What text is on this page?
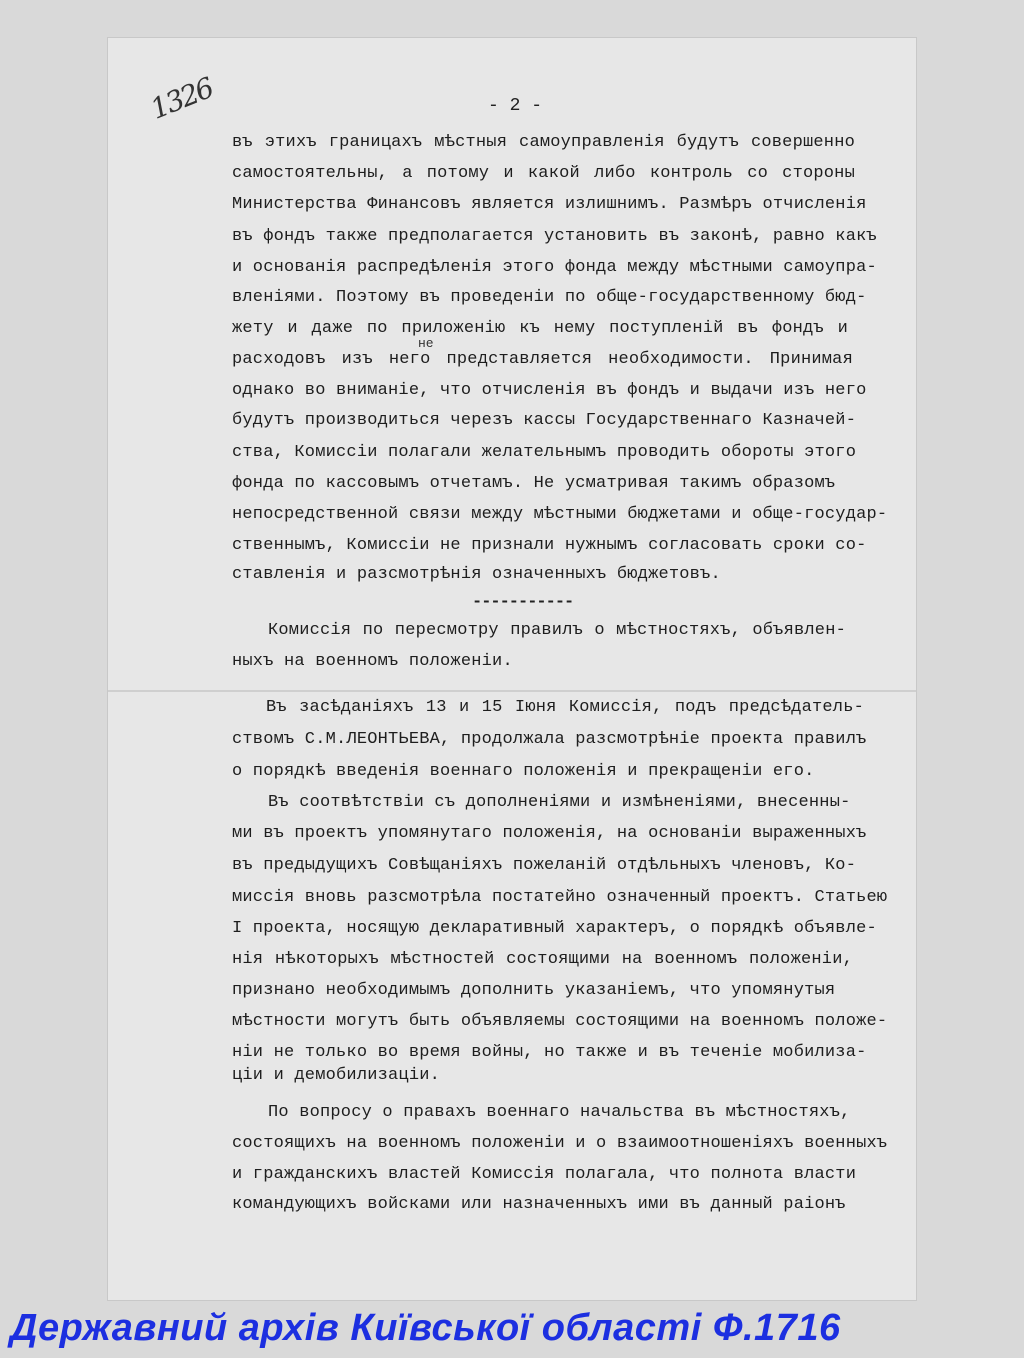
1326	- 2 -
не
-----------
въ этихъ границахъ мѣстныя самоуправленія будутъ совершенно
самостоятельны, а потому и какой либо контроль со стороны
Министерства Финансовъ является излишнимъ. Размѣръ отчисленія
въ фондъ также предполагается установить въ законѣ, равно какъ
и основанія распредѣленія этого фонда между мѣстными самоупра-
вленіями. Поэтому въ проведеніи по обще-государственному бюд-
жету и даже по приложенію къ нему поступленій въ фондъ и
расходовъ изъ него представляется необходимости. Принимая
однако во вниманіе, что отчисленія въ фондъ и выдачи изъ него
будутъ производиться черезъ кассы Государственнаго Казначей-
ства, Комиссіи полагали желательнымъ проводить обороты этого
фонда по кассовымъ отчетамъ. Не усматривая такимъ образомъ
непосредственной связи между мѣстными бюджетами и обще-государ-
ственнымъ, Комиссіи не признали нужнымъ согласовать сроки со-
ставленія и разсмотрѣнія означенныхъ бюджетовъ.
Комиссія по пересмотру правилъ о мѣстностяхъ, объявлен-
ныхъ на военномъ положеніи.
Въ засѣданіяхъ 13 и 15 Іюня Комиссія, подъ предсѣдатель-
ствомъ С.М.ЛЕОНТЬЕВА, продолжала разсмотрѣніе проекта правилъ
о порядкѣ введенія военнаго положенія и прекращеніи его.
Въ соотвѣтствіи съ дополненіями и измѣненіями, внесенны-
ми въ проектъ упомянутаго положенія, на основаніи выраженныхъ
въ предыдущихъ Совѣщаніяхъ пожеланій отдѣльныхъ членовъ, Ко-
миссія вновь разсмотрѣла постатейно означенный проектъ. Статьею
I проекта, носящую декларативный характеръ, о порядкѣ объявле-
нія нѣкоторыхъ мѣстностей состоящими на военномъ положеніи,
признано необходимымъ дополнить указаніемъ, что упомянутыя
мѣстности могутъ быть объявляемы состоящими на военномъ положе-
ніи не только во время войны, но также и въ теченіе мобилиза-
ціи и демобилизаціи.
По вопросу о правахъ военнаго начальства въ мѣстностяхъ,
состоящихъ на военномъ положеніи и о взаимоотношеніяхъ военныхъ
и гражданскихъ властей Комиссія полагала, что полнота власти
командующихъ войсками или назначенныхъ ими въ данный раіонъ
Державний архів Київської області Ф.1716
